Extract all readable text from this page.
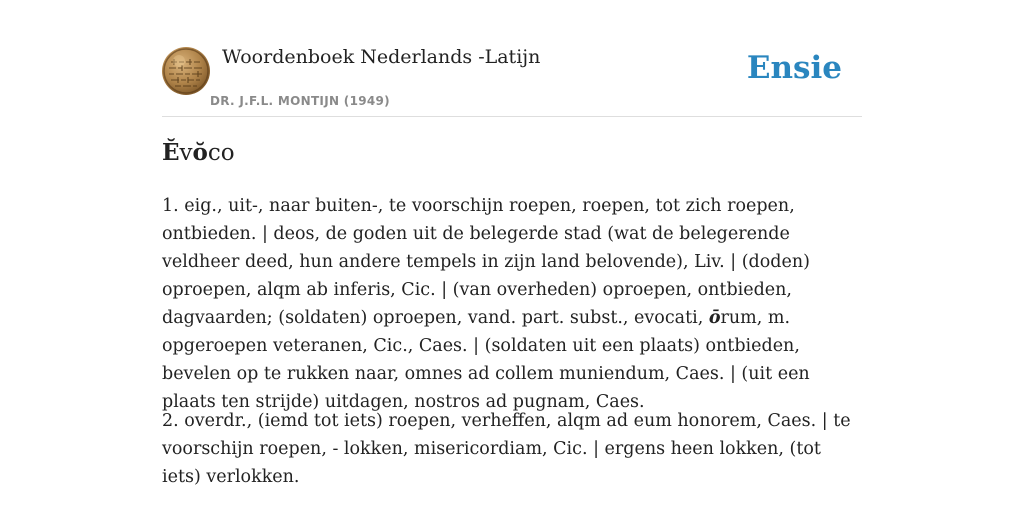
Woordenboek Nederlands -Latijn
DR. J.F.L. MONTIJN (1949)
Ensie
Ĕvŏco

1. eig., uit-, naar buiten-, te voorschijn roepen, roepen, tot zich roepen, ontbieden. | deos, de goden uit de belegerde stad (wat de belegerende veldheer deed, hun andere tempels in zijn land belovende), Liv. | (doden) oproepen, alqm ab inferis, Cic. | (van overheden) oproepen, ontbieden, dagvaarden; (soldaten) oproepen, vand. part. subst., evocati, ōrum, m. opgeroepen veteranen, Cic., Caes. | (soldaten uit een plaats) ontbieden, bevelen op te rukken naar, omnes ad collem muniendum, Caes. | (uit een plaats ten strijde) uitdagen, nostros ad pugnam, Caes.

2. overdr., (iemd tot iets) roepen, verheffen, alqm ad eum honorem, Caes. | te voorschijn roepen, - lokken, misericordiam, Cic. | ergens heen lokken, (tot iets) verlokken.
